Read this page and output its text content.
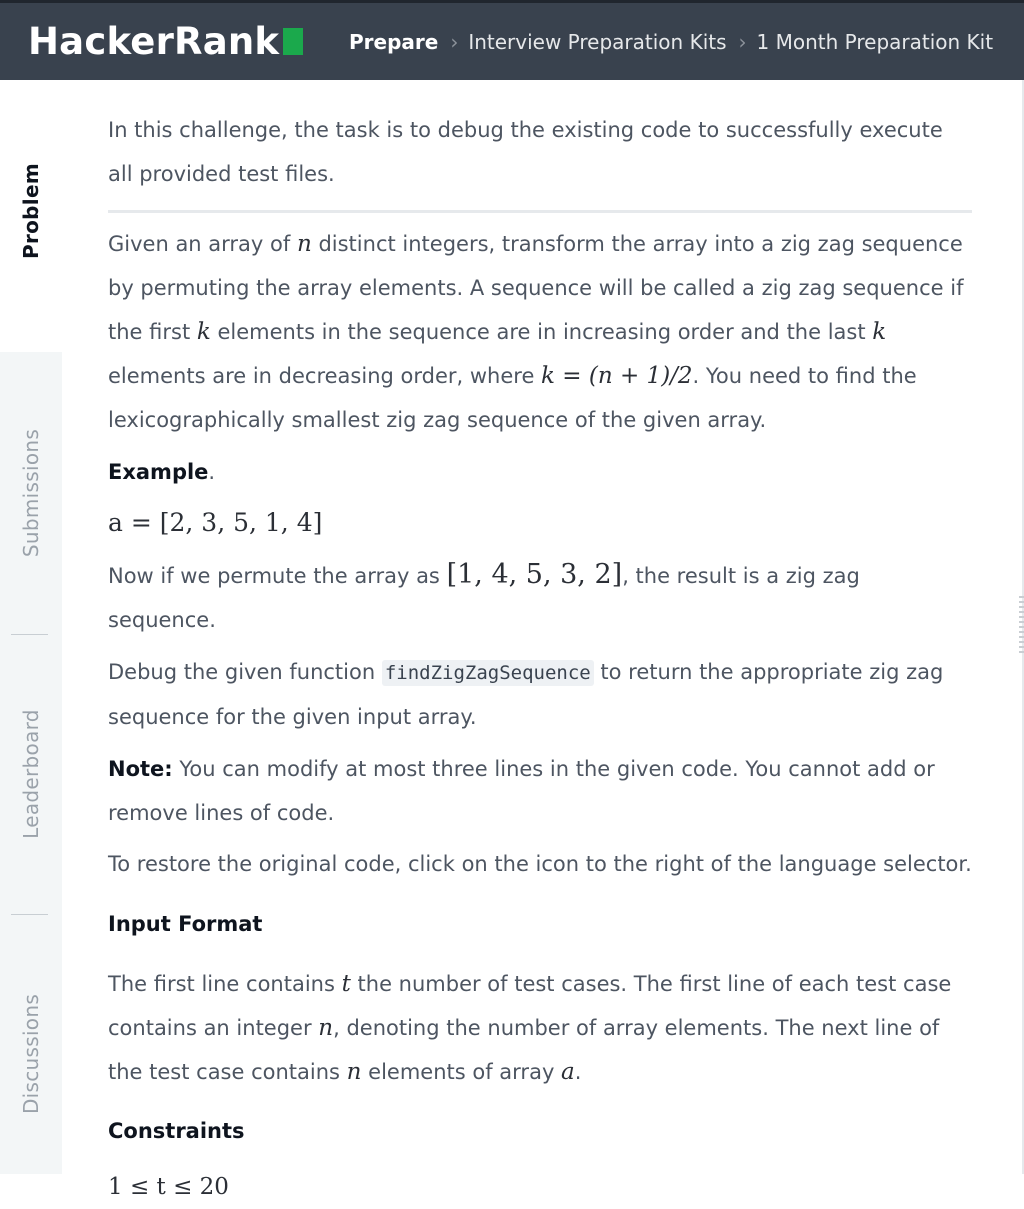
HackerRank	Prepare › Interview Preparation Kits › 1 Month Preparation Kit
Problem
Submissions
Leaderboard
Discussions

In this challenge, the task is to debug the existing code to successfully execute all provided test files.

Given an array of n distinct integers, transform the array into a zig zag sequence by permuting the array elements. A sequence will be called a zig zag sequence if the first k elements in the sequence are in increasing order and the last k elements are in decreasing order, where k = (n + 1)/2. You need to find the lexicographically smallest zig zag sequence of the given array.

Example.

a = [2, 3, 5, 1, 4]

Now if we permute the array as [1, 4, 5, 3, 2], the result is a zig zag sequence.

Debug the given function findZigZagSequence to return the appropriate zig zag sequence for the given input array.

Note: You can modify at most three lines in the given code. You cannot add or remove lines of code.

To restore the original code, click on the icon to the right of the language selector.

Input Format

The first line contains t the number of test cases. The first line of each test case contains an integer n, denoting the number of array elements. The next line of the test case contains n elements of array a.

Constraints

1 ≤ t ≤ 20
